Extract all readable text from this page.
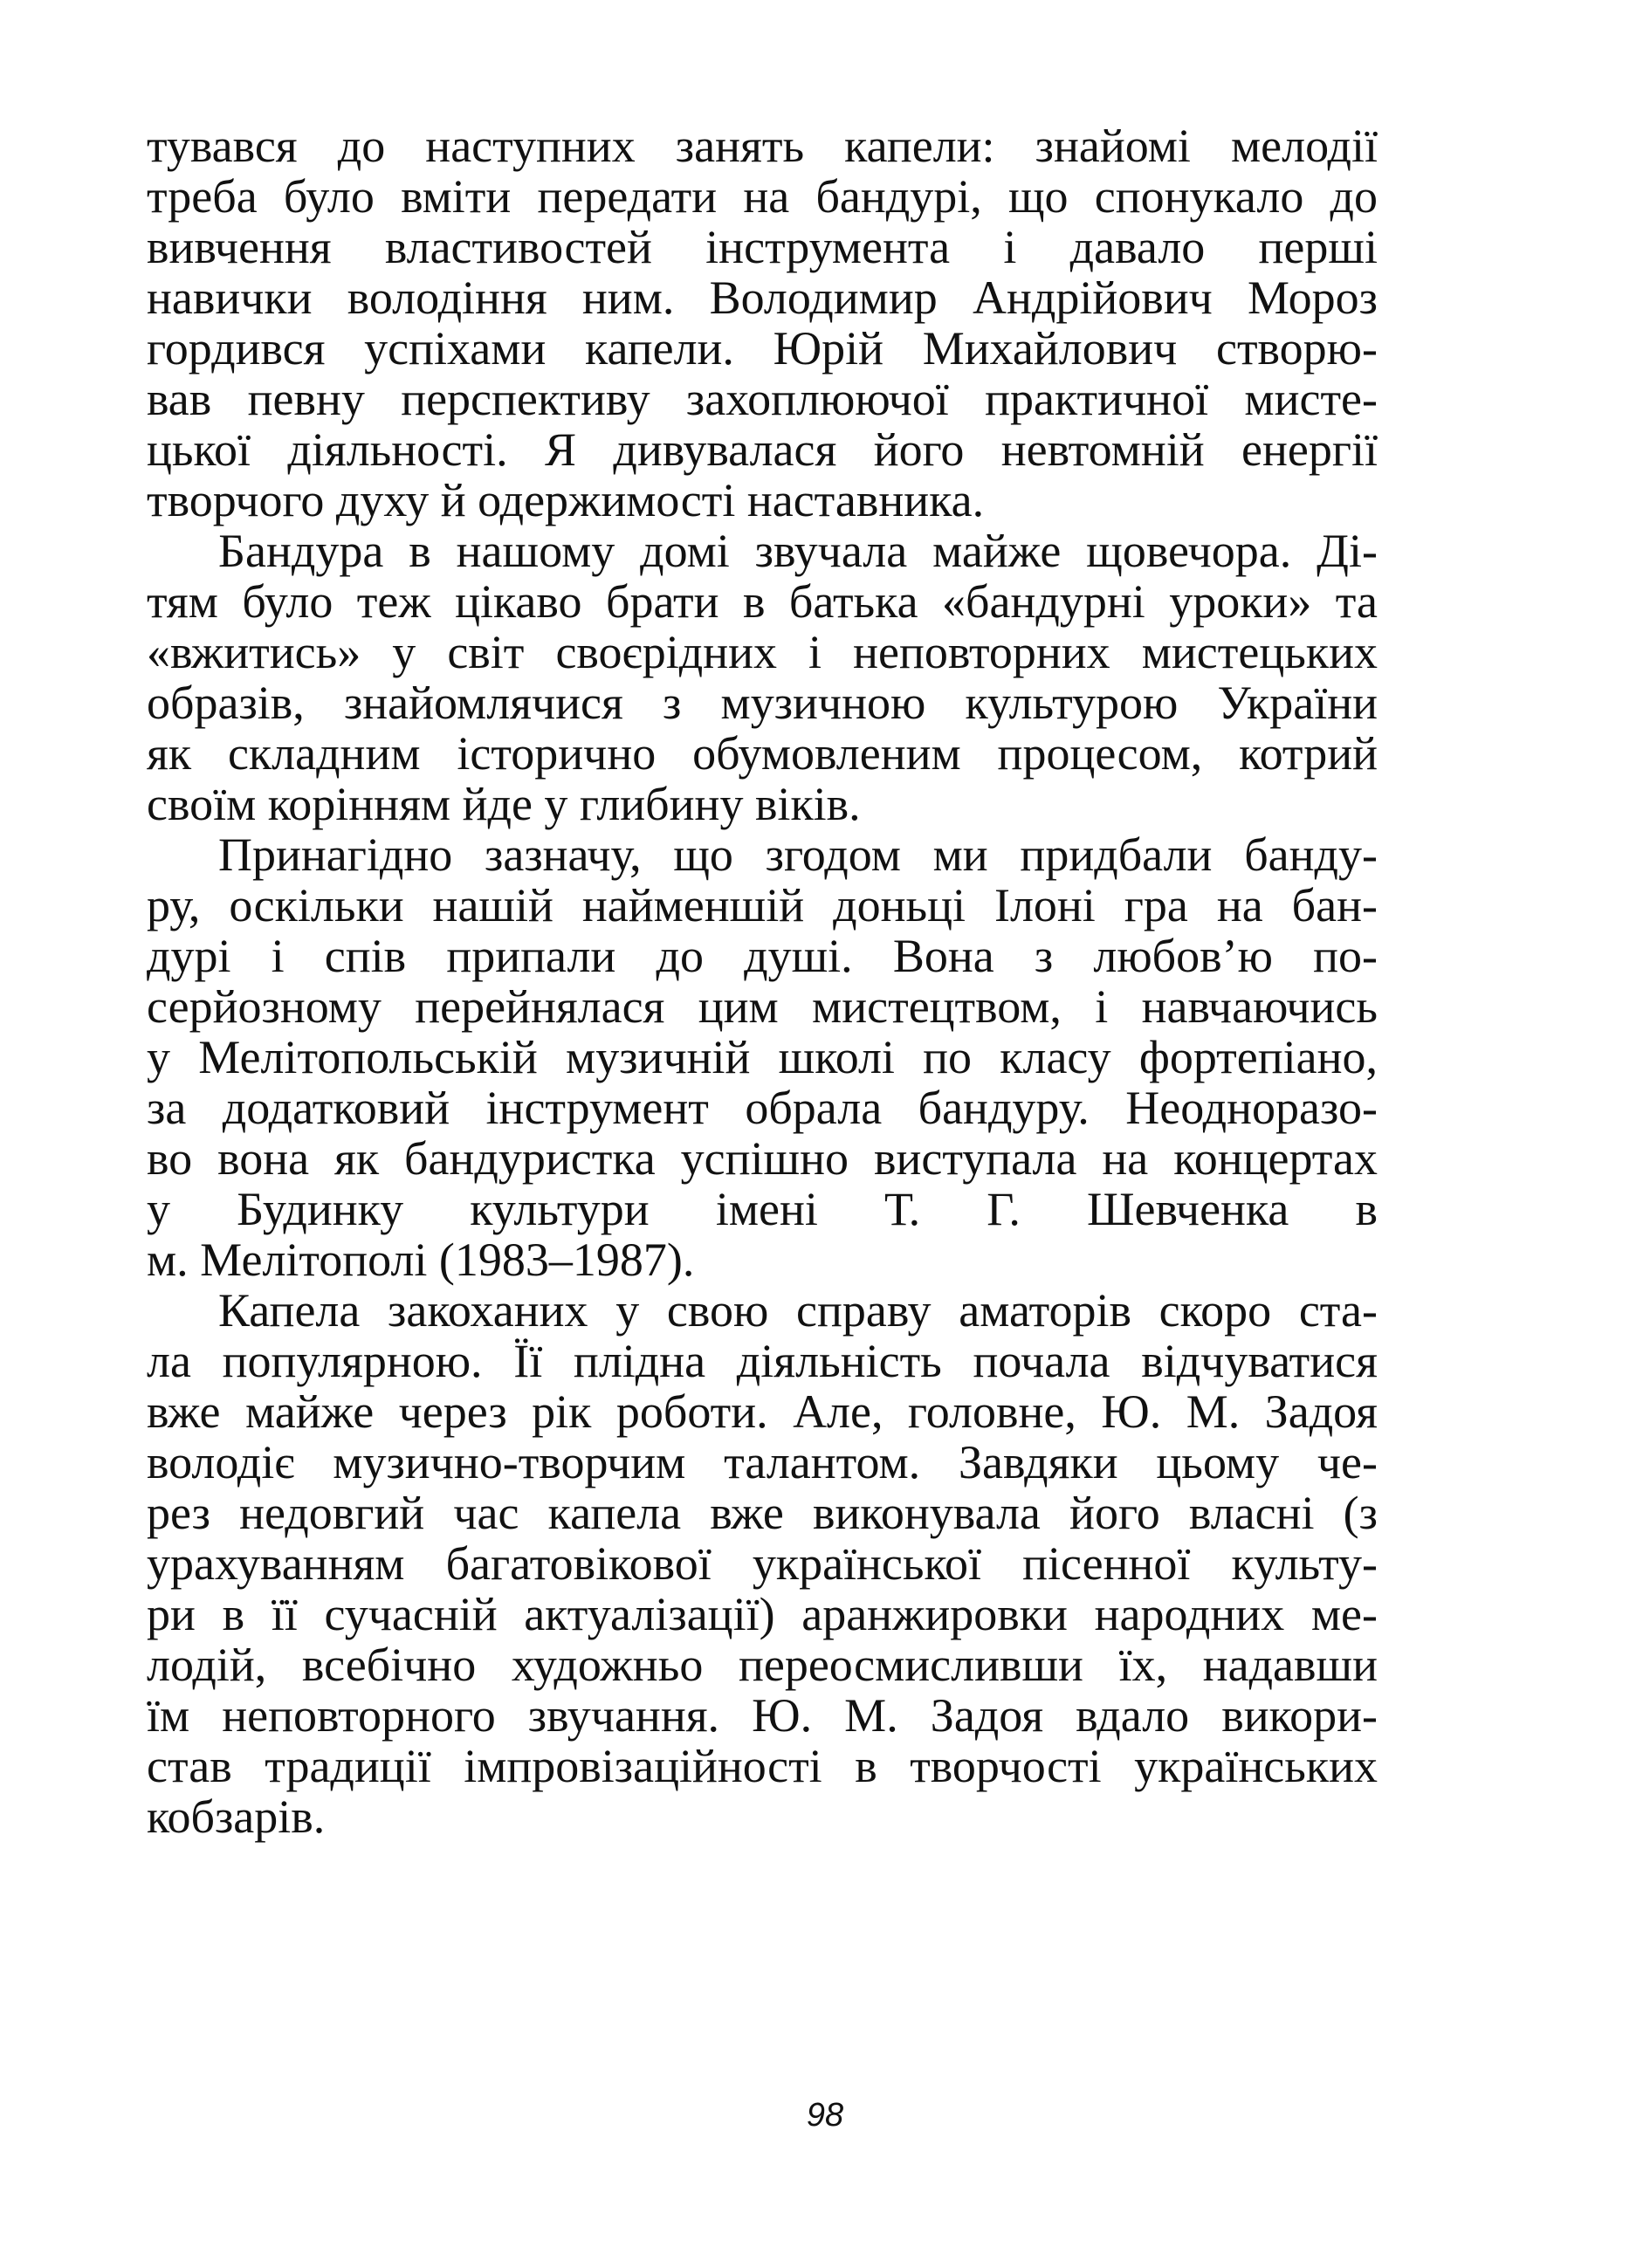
тувався до наступних занять капели: знайомі мелодії
треба було вміти передати на бандурі, що спонукало до
вивчення властивостей інструмента і давало перші
навички володіння ним. Володимир Андрійович Мороз
гордився успіхами капели. Юрій Михайлович створю-
вав певну перспективу захоплюючої практичної мисте-
цької діяльності. Я дивувалася його невтомній енергії
творчого духу й одержимості наставника.
Бандура в нашому домі звучала майже щовечора. Ді-
тям було теж цікаво брати в батька «бандурні уроки» та
«вжитись» у світ своєрідних і неповторних мистецьких
образів, знайомлячися з музичною культурою України
як складним історично обумовленим процесом, котрий
своїм корінням йде у глибину віків.
Принагідно зазначу, що згодом ми придбали банду-
ру, оскільки нашій найменшій доньці Ілоні гра на бан-
дурі і спів припали до душі. Вона з любов’ю по-
серйозному перейнялася цим мистецтвом, і навчаючись
у Мелітопольській музичній школі по класу фортепіано,
за додатковий інструмент обрала бандуру. Неодноразо-
во вона як бандуристка успішно виступала на концертах
у Будинку культури імені Т. Г. Шевченка в
м. Мелітополі (1983–1987).
Капела закоханих у свою справу аматорів скоро ста-
ла популярною. Її плідна діяльність почала відчуватися
вже майже через рік роботи. Але, головне, Ю. М. Задоя
володіє музично-творчим талантом. Завдяки цьому че-
рез недовгий час капела вже виконувала його власні (з
урахуванням багатовікової української пісенної культу-
ри в її сучасній актуалізації) аранжировки народних ме-
лодій, всебічно художньо переосмисливши їх, надавши
їм неповторного звучання. Ю. М. Задоя вдало викори-
став традиції імпровізаційності в творчості українських
кобзарів.
98
